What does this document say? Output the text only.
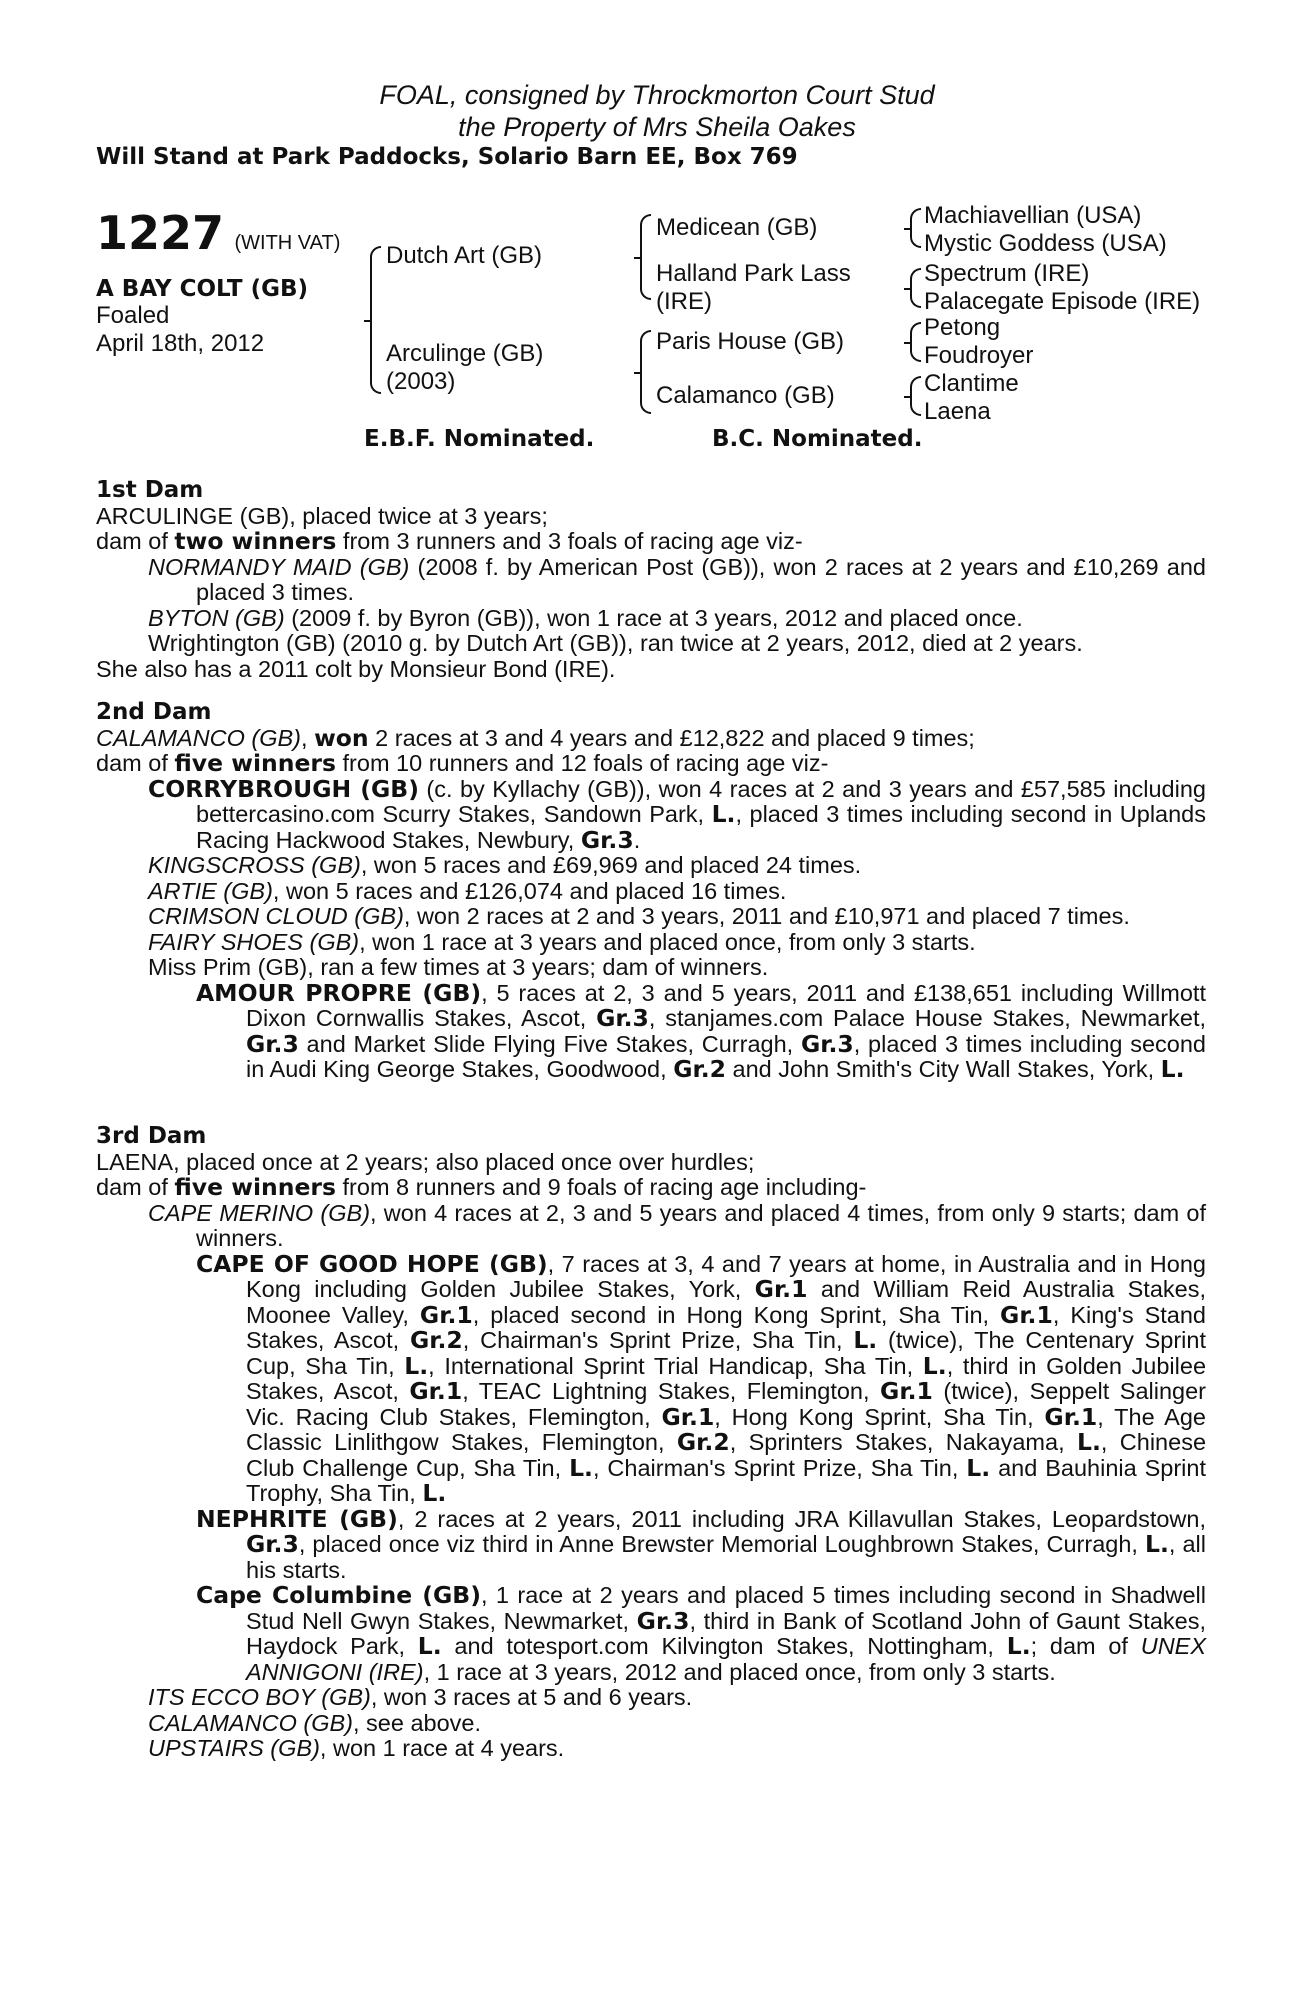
FOAL, consigned by Throckmorton Court Stud
the Property of Mrs Sheila Oakes
Will Stand at Park Paddocks, Solario Barn EE, Box 769
1227 (WITH VAT)
A BAY COLT (GB)
Foaled
April 18th, 2012
Dutch Art (GB)
Arculinge (GB)
(2003)
Medicean (GB)
Halland Park Lass
(IRE)
Paris House (GB)
Calamanco (GB)
Machiavellian (USA)
Mystic Goddess (USA)
Spectrum (IRE)
Palacegate Episode (IRE)
Petong
Foudroyer
Clantime
Laena
E.B.F. Nominated.	B.C. Nominated.
1st Dam
ARCULINGE (GB), placed twice at 3 years;
dam of two winners from 3 runners and 3 foals of racing age viz-
NORMANDY MAID (GB) (2008 f. by American Post (GB)), won 2 races at 2 years and £10,269 and placed 3 times.
BYTON (GB) (2009 f. by Byron (GB)), won 1 race at 3 years, 2012 and placed once.
Wrightington (GB) (2010 g. by Dutch Art (GB)), ran twice at 2 years, 2012, died at 2 years.
She also has a 2011 colt by Monsieur Bond (IRE).
2nd Dam
CALAMANCO (GB), won 2 races at 3 and 4 years and £12,822 and placed 9 times;
dam of five winners from 10 runners and 12 foals of racing age viz-
CORRYBROUGH (GB) (c. by Kyllachy (GB)), won 4 races at 2 and 3 years and £57,585 including bettercasino.com Scurry Stakes, Sandown Park, L., placed 3 times including second in Uplands Racing Hackwood Stakes, Newbury, Gr.3.
KINGSCROSS (GB), won 5 races and £69,969 and placed 24 times.
ARTIE (GB), won 5 races and £126,074 and placed 16 times.
CRIMSON CLOUD (GB), won 2 races at 2 and 3 years, 2011 and £10,971 and placed 7 times.
FAIRY SHOES (GB), won 1 race at 3 years and placed once, from only 3 starts.
Miss Prim (GB), ran a few times at 3 years; dam of winners.
AMOUR PROPRE (GB), 5 races at 2, 3 and 5 years, 2011 and £138,651 including Willmott Dixon Cornwallis Stakes, Ascot, Gr.3, stanjames.com Palace House Stakes, Newmarket, Gr.3 and Market Slide Flying Five Stakes, Curragh, Gr.3, placed 3 times including second in Audi King George Stakes, Goodwood, Gr.2 and John Smith's City Wall Stakes, York, L.
3rd Dam
LAENA, placed once at 2 years; also placed once over hurdles;
dam of five winners from 8 runners and 9 foals of racing age including-
CAPE MERINO (GB), won 4 races at 2, 3 and 5 years and placed 4 times, from only 9 starts; dam of winners.
CAPE OF GOOD HOPE (GB), 7 races at 3, 4 and 7 years at home, in Australia and in Hong Kong including Golden Jubilee Stakes, York, Gr.1 and William Reid Australia Stakes, Moonee Valley, Gr.1, placed second in Hong Kong Sprint, Sha Tin, Gr.1, King's Stand Stakes, Ascot, Gr.2, Chairman's Sprint Prize, Sha Tin, L. (twice), The Centenary Sprint Cup, Sha Tin, L., International Sprint Trial Handicap, Sha Tin, L., third in Golden Jubilee Stakes, Ascot, Gr.1, TEAC Lightning Stakes, Flemington, Gr.1 (twice), Seppelt Salinger Vic. Racing Club Stakes, Flemington, Gr.1, Hong Kong Sprint, Sha Tin, Gr.1, The Age Classic Linlithgow Stakes, Flemington, Gr.2, Sprinters Stakes, Nakayama, L., Chinese Club Challenge Cup, Sha Tin, L., Chairman's Sprint Prize, Sha Tin, L. and Bauhinia Sprint Trophy, Sha Tin, L.
NEPHRITE (GB), 2 races at 2 years, 2011 including JRA Killavullan Stakes, Leopardstown, Gr.3, placed once viz third in Anne Brewster Memorial Loughbrown Stakes, Curragh, L., all his starts.
Cape Columbine (GB), 1 race at 2 years and placed 5 times including second in Shadwell Stud Nell Gwyn Stakes, Newmarket, Gr.3, third in Bank of Scotland John of Gaunt Stakes, Haydock Park, L. and totesport.com Kilvington Stakes, Nottingham, L.; dam of UNEX ANNIGONI (IRE), 1 race at 3 years, 2012 and placed once, from only 3 starts.
ITS ECCO BOY (GB), won 3 races at 5 and 6 years.
CALAMANCO (GB), see above.
UPSTAIRS (GB), won 1 race at 4 years.
